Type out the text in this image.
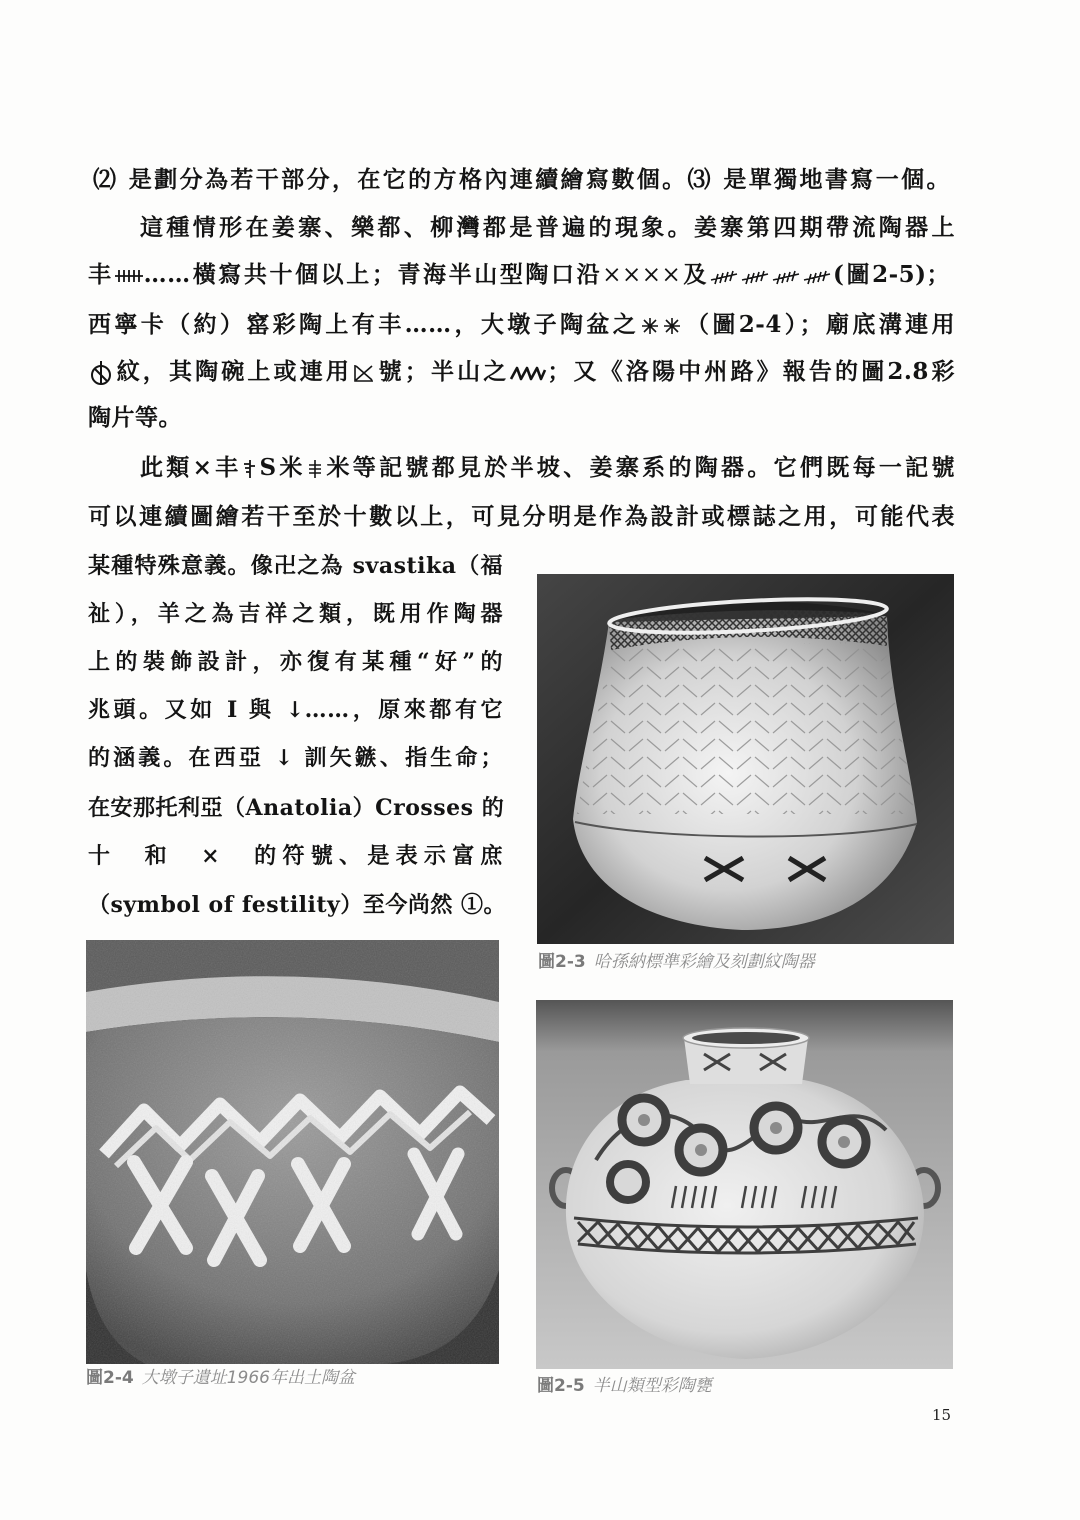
⑵ 是劃分為若干部分，在它的方格內連續繪寫數個。⑶ 是單獨地書寫一個。
這種情形在姜寨、樂都、柳灣都是普遍的現象。姜寨第四期帶流陶器上
丰 ……橫寫共十個以上；青海半山型陶口沿××××及	(圖2-5)；
西寧卡（約）窰彩陶上有丰……，大墩子陶盆之 （圖2-4）；廟底溝連用
紋，其陶碗上或連用☒號；半山之 ；又《洛陽中州路》報告的圖2.8彩
陶片等。
此類×丰 S米 米等記號都見於半坡、姜寨系的陶器。它們既每一記號
可以連續圖繪若干至於十數以上，可見分明是作為設計或標誌之用，可能代表
某種特殊意義。像卍之為 svastika（福
祉），羊之為吉祥之類，既用作陶器
上的裝飾設計，亦復有某種“好”的
兆頭。又如 I 與 ↓……，原來都有它
的涵義。在西亞 ↓ 訓矢鏃、指生命；
在安那托利亞（Anatolia）Crosses 的
十　和　×　的符號、是表示富庶
（symbol of festility）至今尚然 ①。
圖2-3 哈孫納標準彩繪及刻劃紋陶器
圖2-4 大墩子遺址1966年出土陶盆	圖2-5 半山類型彩陶甕
15
